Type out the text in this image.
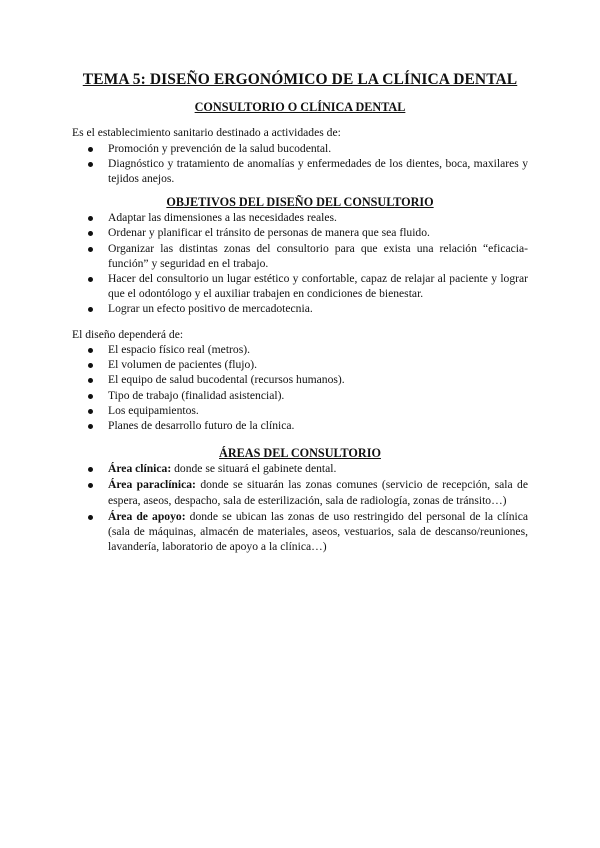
TEMA 5: DISEÑO ERGONÓMICO DE LA CLÍNICA DENTAL
CONSULTORIO O CLÍNICA DENTAL

Es el establecimiento sanitario destinado a actividades de:

Promoción y prevención de la salud bucodental.
Diagnóstico y tratamiento de anomalías y enfermedades de los dientes, boca, maxilares y tejidos anejos.
OBJETIVOS DEL DISEÑO DEL CONSULTORIO
Adaptar las dimensiones a las necesidades reales.
Ordenar y planificar el tránsito de personas de manera que sea fluido.
Organizar las distintas zonas del consultorio para que exista una relación “eficacia-función” y seguridad en el trabajo.
Hacer del consultorio un lugar estético y confortable, capaz de relajar al paciente y lograr que el odontólogo y el auxiliar trabajen en condiciones de bienestar.
Lograr un efecto positivo de mercadotecnia.

El diseño dependerá de:

El espacio físico real (metros).
El volumen de pacientes (flujo).
El equipo de salud bucodental (recursos humanos).
Tipo de trabajo (finalidad asistencial).
Los equipamientos.
Planes de desarrollo futuro de la clínica.
ÁREAS DEL CONSULTORIO
Área clínica: donde se situará el gabinete dental.
Área paraclínica: donde se situarán las zonas comunes (servicio de recepción, sala de espera, aseos, despacho, sala de esterilización, sala de radiología, zonas de tránsito…)
Área de apoyo: donde se ubican las zonas de uso restringido del personal de la clínica (sala de máquinas, almacén de materiales, aseos, vestuarios, sala de descanso/reuniones, lavandería, laboratorio de apoyo a la clínica…)
